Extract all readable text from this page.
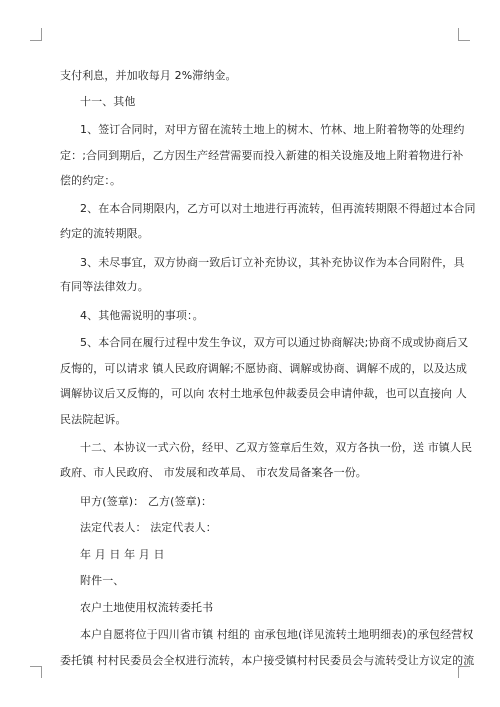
支付利息，并加收每月 2%滞纳金。
十一、其他
1、签订合同时，对甲方留在流转土地上的树木、竹林、地上附着物等的处理约
定：;合同到期后，乙方因生产经营需要而投入新建的相关设施及地上附着物进行补
偿的约定：。
2、在本合同期限内，乙方可以对土地进行再流转，但再流转期限不得超过本合同
约定的流转期限。
3、未尽事宜，双方协商一致后订立补充协议，其补充协议作为本合同附件，具
有同等法律效力。
4、其他需说明的事项：。
5、本合同在履行过程中发生争议，双方可以通过协商解决;协商不成或协商后又
反悔的，可以请求 镇人民政府调解;不愿协商、调解或协商、调解不成的，以及达成
调解协议后又反悔的，可以向 农村土地承包仲裁委员会申请仲裁，也可以直接向 人
民法院起诉。
十二、本协议一式六份，经甲、乙双方签章后生效，双方各执一份，送 市镇人民
政府、市人民政府、 市发展和改革局、 市农发局备案各一份。
甲方(签章)： 乙方(签章)：
法定代表人： 法定代表人：
年 月 日 年 月 日
附件一、
农户土地使用权流转委托书
本户自愿将位于四川省市镇 村组的 亩承包地(详见流转土地明细表)的承包经营权
委托镇 村村民委员会全权进行流转，本户接受镇村村民委员会与流转受让方议定的流
